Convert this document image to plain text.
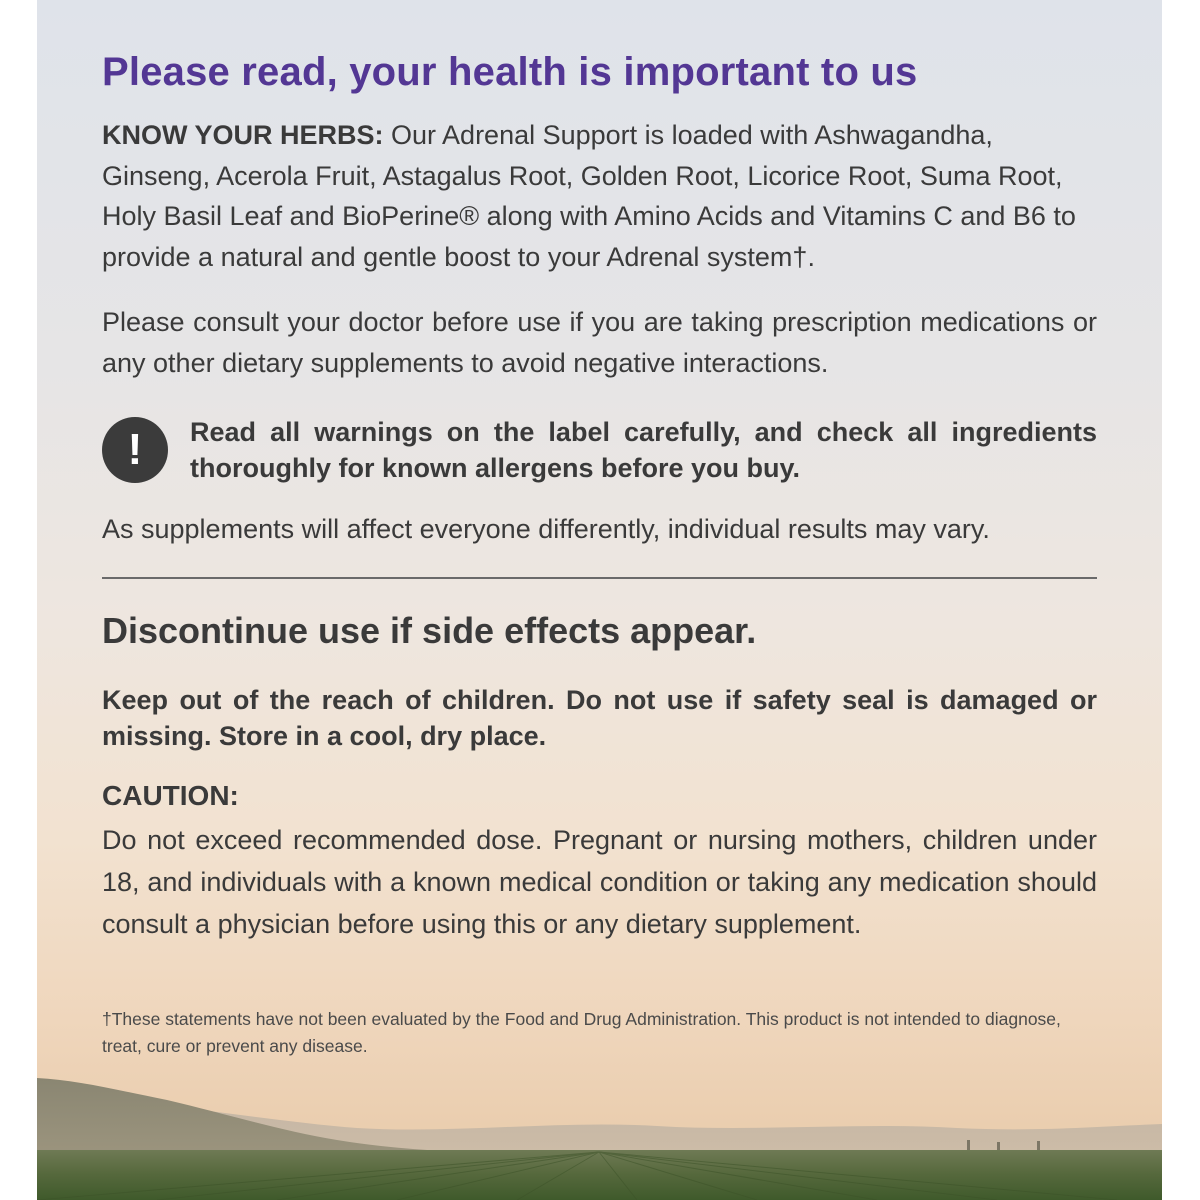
Please read, your health is important to us

KNOW YOUR HERBS: Our Adrenal Support is loaded with Ashwagandha, Ginseng, Acerola Fruit, Astagalus Root, Golden Root, Licorice Root, Suma Root, Holy Basil Leaf and BioPerine® along with Amino Acids and Vitamins C and B6 to provide a natural and gentle boost to your Adrenal system†.

Please consult your doctor before use if you are taking prescription medications or any other dietary supplements to avoid negative interactions.

!	Read all warnings on the label carefully, and check all ingredients thoroughly for known allergens before you buy.

As supplements will affect everyone differently, individual results may vary.

Discontinue use if side effects appear.

Keep out of the reach of children. Do not use if safety seal is damaged or missing. Store in a cool, dry place.

CAUTION:

Do not exceed recommended dose. Pregnant or nursing mothers, children under 18, and individuals with a known medical condition or taking any medication should consult a physician before using this or any dietary supplement.

†These statements have not been evaluated by the Food and Drug Administration. This product is not intended to diagnose, treat, cure or prevent any disease.
